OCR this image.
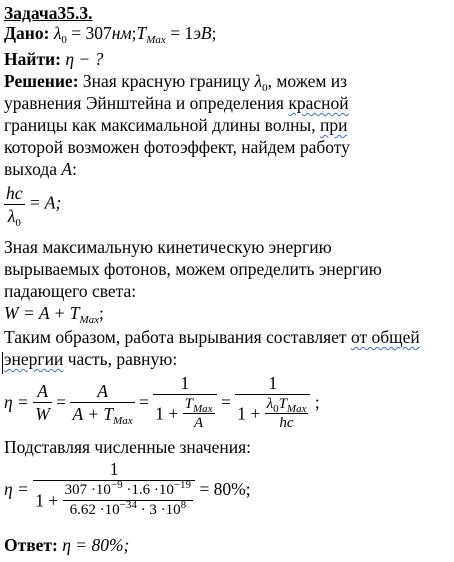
Задача35.3.
Дано: $\lambda_0$ = $307нм;T_{Max} = 1эВ$;
Найти: η − ?
Решение: Зная красную границу $\lambda_0$, можем из
уравнения Эйнштейна и определения красной
границы как максимальной длины волны, при
которой возможен фотоэффект, найдем работу
выхода A:
$\frac{hc}{\lambda_0} = A$;
Зная максимальную кинетическую энергию
вырываемых фотонов, можем определить энергию
падающего света:
$W = A + T_{Max}$;
Таким образом, работа вырывания составляет от общей
энергии часть, равную:
$\eta = \frac{A}{W} = \frac{A}{A + T_{Max}} = \frac{1}{1 + \frac{T_{Max}}{A}} = \frac{1}{1 + \frac{\lambda_0T_{Max}}{hc}}$ ;
Подставляя численные значения:
η =
1
$1 + \frac{307 \cdot 10^{-9} \cdot 1.6 \cdot 10^{-19}}{6.62 \cdot 10^{-34} \cdot 3 \cdot 10^8} = 80\%$;
Ответ: η = 80%;
